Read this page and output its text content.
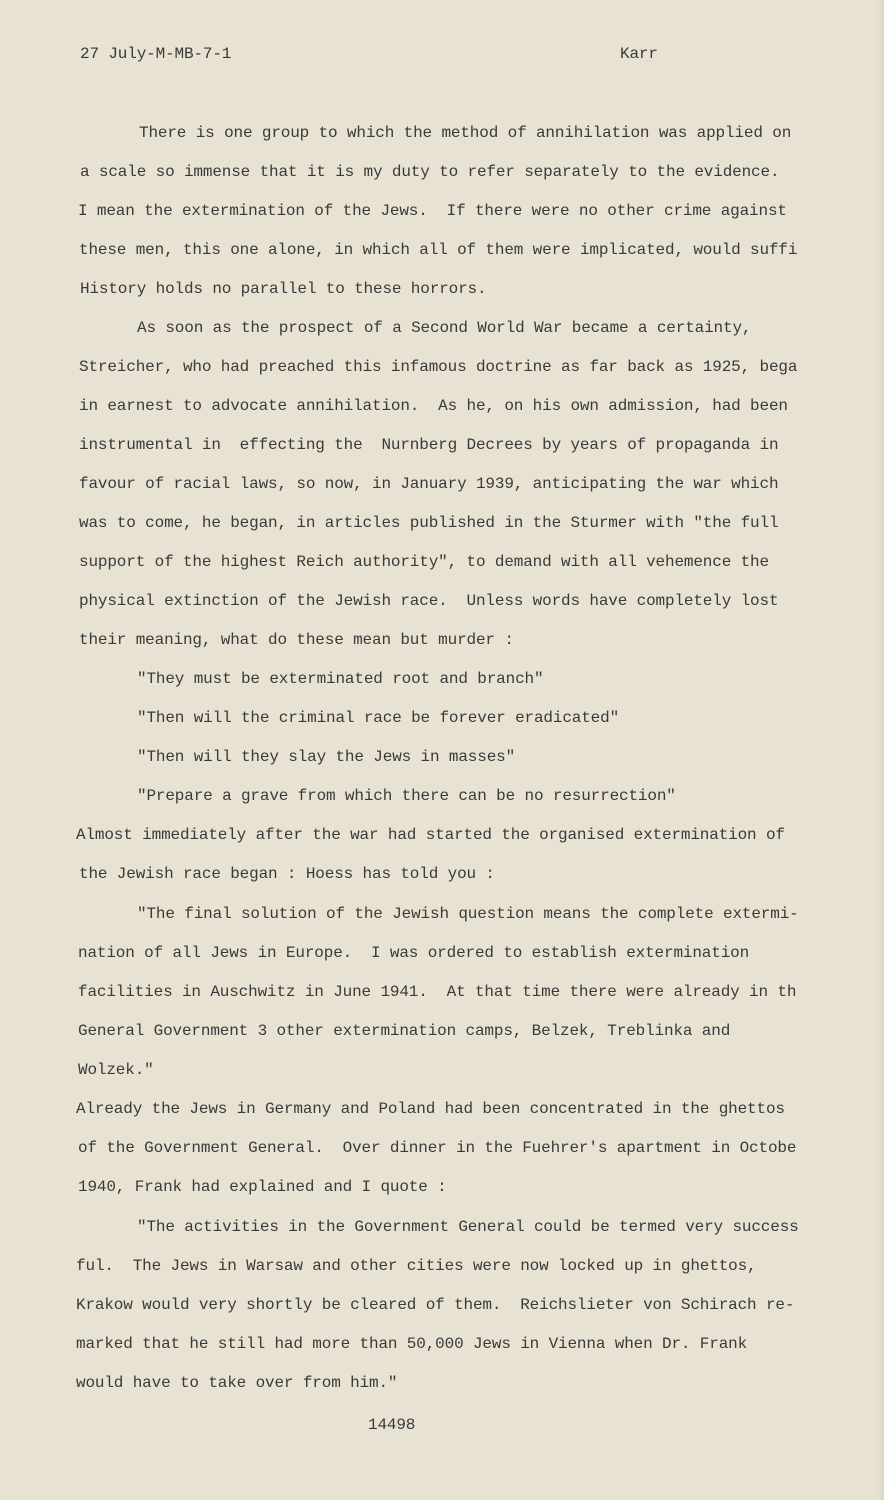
27 July-M-MB-7-1	Karr
There is one group to which the method of annihilation was applied on
a scale so immense that it is my duty to refer separately to the evidence.
I mean the extermination of the Jews.  If there were no other crime against
these men, this one alone, in which all of them were implicated, would suffi
History holds no parallel to these horrors.
As soon as the prospect of a Second World War became a certainty,
Streicher, who had preached this infamous doctrine as far back as 1925, bega
in earnest to advocate annihilation.  As he, on his own admission, had been
instrumental in  effecting the  Nurnberg Decrees by years of propaganda in
favour of racial laws, so now, in January 1939, anticipating the war which
was to come, he began, in articles published in the Sturmer with "the full
support of the highest Reich authority", to demand with all vehemence the
physical extinction of the Jewish race.  Unless words have completely lost
their meaning, what do these mean but murder :
"They must be exterminated root and branch"
"Then will the criminal race be forever eradicated"
"Then will they slay the Jews in masses"
"Prepare a grave from which there can be no resurrection"
Almost immediately after the war had started the organised extermination of
the Jewish race began : Hoess has told you :
"The final solution of the Jewish question means the complete extermi-
nation of all Jews in Europe.  I was ordered to establish extermination
facilities in Auschwitz in June 1941.  At that time there were already in th
General Government 3 other extermination camps, Belzek, Treblinka and
Wolzek."
Already the Jews in Germany and Poland had been concentrated in the ghettos
of the Government General.  Over dinner in the Fuehrer's apartment in Octobe
1940, Frank had explained and I quote :
"The activities in the Government General could be termed very success
ful.  The Jews in Warsaw and other cities were now locked up in ghettos,
Krakow would very shortly be cleared of them.  Reichslieter von Schirach re-
marked that he still had more than 50,000 Jews in Vienna when Dr. Frank
would have to take over from him."
14498
